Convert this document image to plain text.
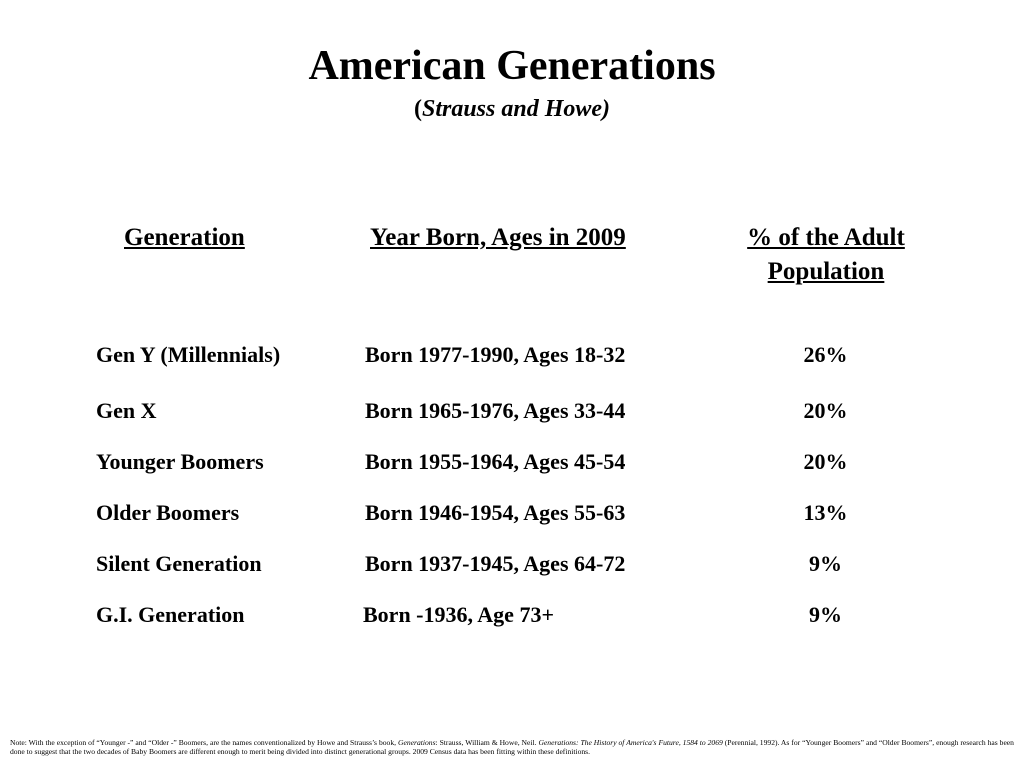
American Generations
(Strauss and Howe)
Generation	Year Born, Ages in 2009	% of the Adult
Population
Gen Y (Millennials)	Born 1977-1990, Ages 18-32	26%
Gen X	Born 1965-1976, Ages 33-44	20%
Younger Boomers	Born 1955-1964, Ages 45-54	20%
Older Boomers	Born 1946-1954, Ages 55-63	13%
Silent Generation	Born 1937-1945, Ages 64-72	9%
G.I. Generation	Born -1936, Age 73+	9%
Note: With the exception of “Younger -” and “Older -” Boomers, are the names conventionalized by Howe and Strauss’s book, Generations: Strauss, William & Howe, Neil. Generations: The History of America's Future, 1584 to 2069 (Perennial, 1992). As for “Younger Boomers” and “Older Boomers”, enough research has been done to suggest that the two decades of Baby Boomers are different enough to merit being divided into distinct generational groups. 2009 Census data has been fitting within these definitions.
